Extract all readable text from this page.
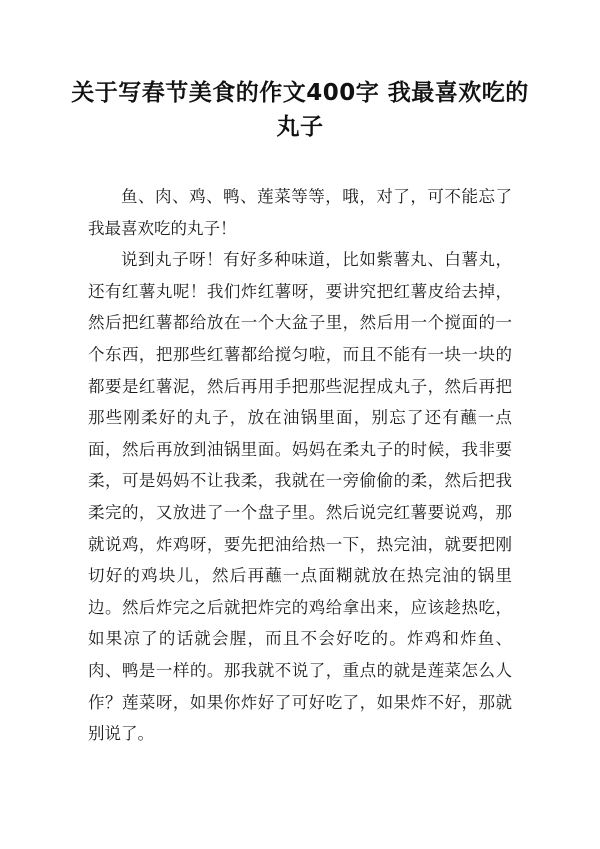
关于写春节美食的作文400字 我最喜欢吃的丸子

鱼、肉、鸡、鸭、莲菜等等，哦，对了，可不能忘了我最喜欢吃的丸子！

说到丸子呀！有好多种味道，比如紫薯丸、白薯丸，还有红薯丸呢！我们炸红薯呀，要讲究把红薯皮给去掉，然后把红薯都给放在一个大盆子里，然后用一个搅面的一个东西，把那些红薯都给搅匀啦，而且不能有一块一块的都要是红薯泥，然后再用手把那些泥捏成丸子，然后再把那些刚柔好的丸子，放在油锅里面，别忘了还有蘸一点面，然后再放到油锅里面。妈妈在柔丸子的时候，我非要柔，可是妈妈不让我柔，我就在一旁偷偷的柔，然后把我柔完的，又放进了一个盘子里。然后说完红薯要说鸡，那就说鸡，炸鸡呀，要先把油给热一下，热完油，就要把刚切好的鸡块儿，然后再蘸一点面糊就放在热完油的锅里边。然后炸完之后就把炸完的鸡给拿出来，应该趁热吃，如果凉了的话就会腥，而且不会好吃的。炸鸡和炸鱼、肉、鸭是一样的。那我就不说了，重点的就是莲菜怎么人作？莲菜呀，如果你炸好了可好吃了，如果炸不好，那就别说了。
